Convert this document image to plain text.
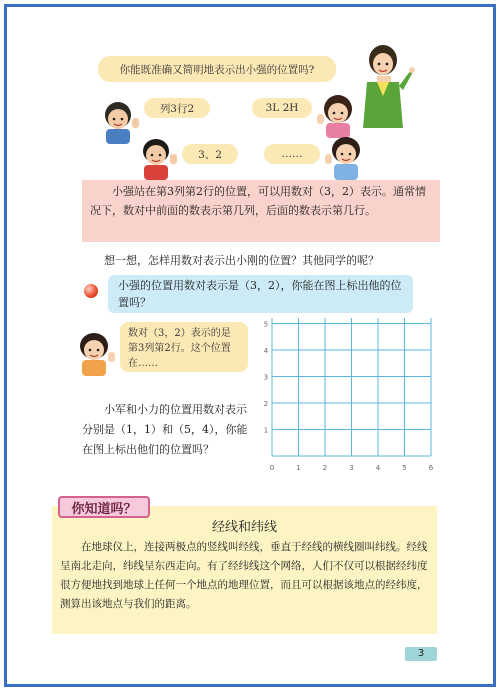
你能既准确又简明地表示出小强的位置吗?
列3行2	3L 2H
3、2	……
小强站在第3列第2行的位置，可以用数对（3，2）表示。通常情况下，数对中前面的数表示第几列，后面的数表示第几行。
想一想，怎样用数对表示出小刚的位置？其他同学的呢？
小强的位置用数对表示是（3，2），你能在图上标出他的位置吗？
数对（3，2）表示的是第3列第2行。这个位置在……
小军和小力的位置用数对表示分别是（1，1）和（5，4），你能在图上标出他们的位置吗？
0	1	2	3	4	5	6
1
2
3
4
5
经线和纬线
在地球仪上，连接两极点的竖线叫经线，垂直于经线的横线圈叫纬线。经线呈南北走向，纬线呈东西走向。有了经纬线这个网络，人们不仅可以根据经纬度很方便地找到地球上任何一个地点的地理位置，而且可以根据该地点的经纬度，测算出该地点与我们的距离。
你知道吗？
3
